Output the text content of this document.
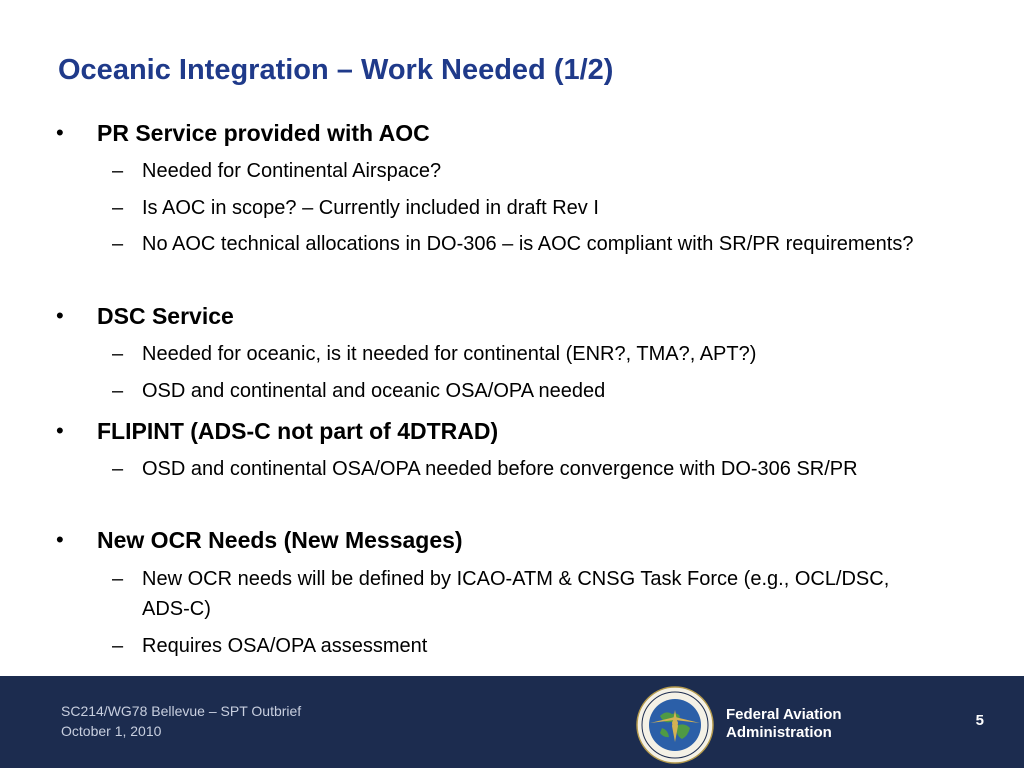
Oceanic Integration – Work Needed (1/2)
• PR Service provided with AOC
– Needed for Continental Airspace?
– Is AOC in scope? – Currently included in draft Rev I
– No AOC technical allocations in DO-306 – is AOC compliant with SR/PR requirements?
• DSC Service
– Needed for oceanic, is it needed for continental (ENR?, TMA?, APT?)
– OSD and continental and oceanic OSA/OPA needed
• FLIPINT (ADS-C not part of 4DTRAD)
– OSD and continental OSA/OPA needed before convergence with DO-306 SR/PR
• New OCR Needs (New Messages)
– New OCR needs will be defined by ICAO-ATM & CNSG Task Force (e.g., OCL/DSC, ADS-C)
– Requires OSA/OPA assessment
SC214/WG78 Bellevue – SPT Outbrief
October 1, 2010
Federal Aviation
Administration
5
